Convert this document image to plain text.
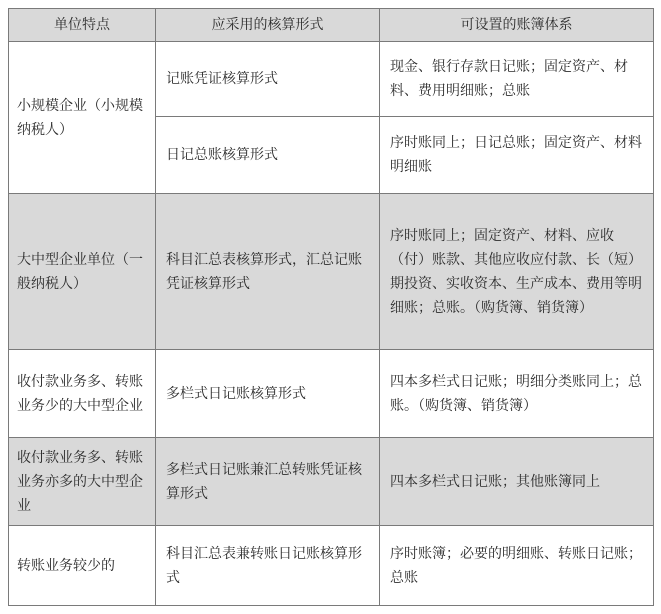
单位特点	应采用的核算形式	可设置的账簿体系
小规模企业（小规模纳税人）	记账凭证核算形式	现金、银行存款日记账；固定资产、材料、费用明细账；总账
	日记总账核算形式	序时账同上；日记总账；固定资产、材料明细账
大中型企业单位（一般纳税人）	科目汇总表核算形式，汇总记账凭证核算形式	序时账同上；固定资产、材料、应收（付）账款、其他应收应付款、长（短）期投资、实收资本、生产成本、费用等明细账；总账。（购货簿、销货簿）
收付款业务多、转账业务少的大中型企业	多栏式日记账核算形式	四本多栏式日记账；明细分类账同上；总账。（购货簿、销货簿）
收付款业务多、转账业务亦多的大中型企业	多栏式日记账兼汇总转账凭证核算形式	四本多栏式日记账；其他账簿同上
转账业务较少的	科目汇总表兼转账日记账核算形式	序时账簿；必要的明细账、转账日记账；总账
